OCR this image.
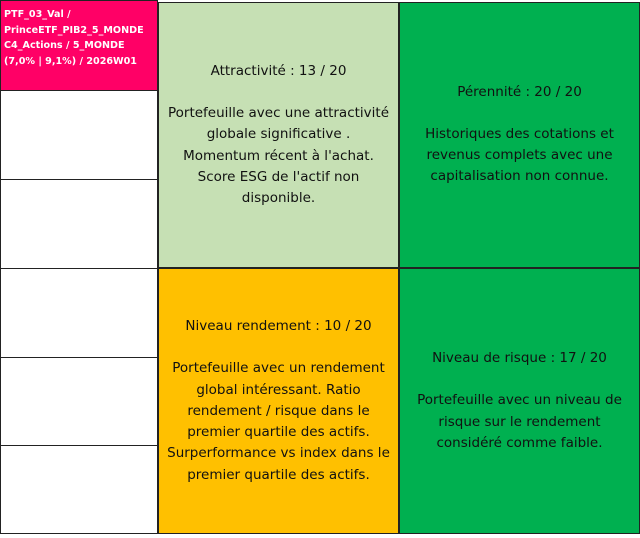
PTF_03_Val /
PrinceETF_PIB2_5_MONDE
C4_Actions / 5_MONDE
(7,0% | 9,1%) / 2026W01
Attractivité : 13 / 20
Portefeuille avec une attractivité
globale significative .
Momentum récent à l'achat.
Score ESG de l'actif non
disponible.
Pérennité : 20 / 20
Historiques des cotations et
revenus complets avec une
capitalisation non connue.
Niveau rendement : 10 / 20
Portefeuille avec un rendement
global intéressant. Ratio
rendement / risque dans le
premier quartile des actifs.
Surperformance vs index dans le
premier quartile des actifs.
Niveau de risque : 17 / 20
Portefeuille avec un niveau de
risque sur le rendement
considéré comme faible.
